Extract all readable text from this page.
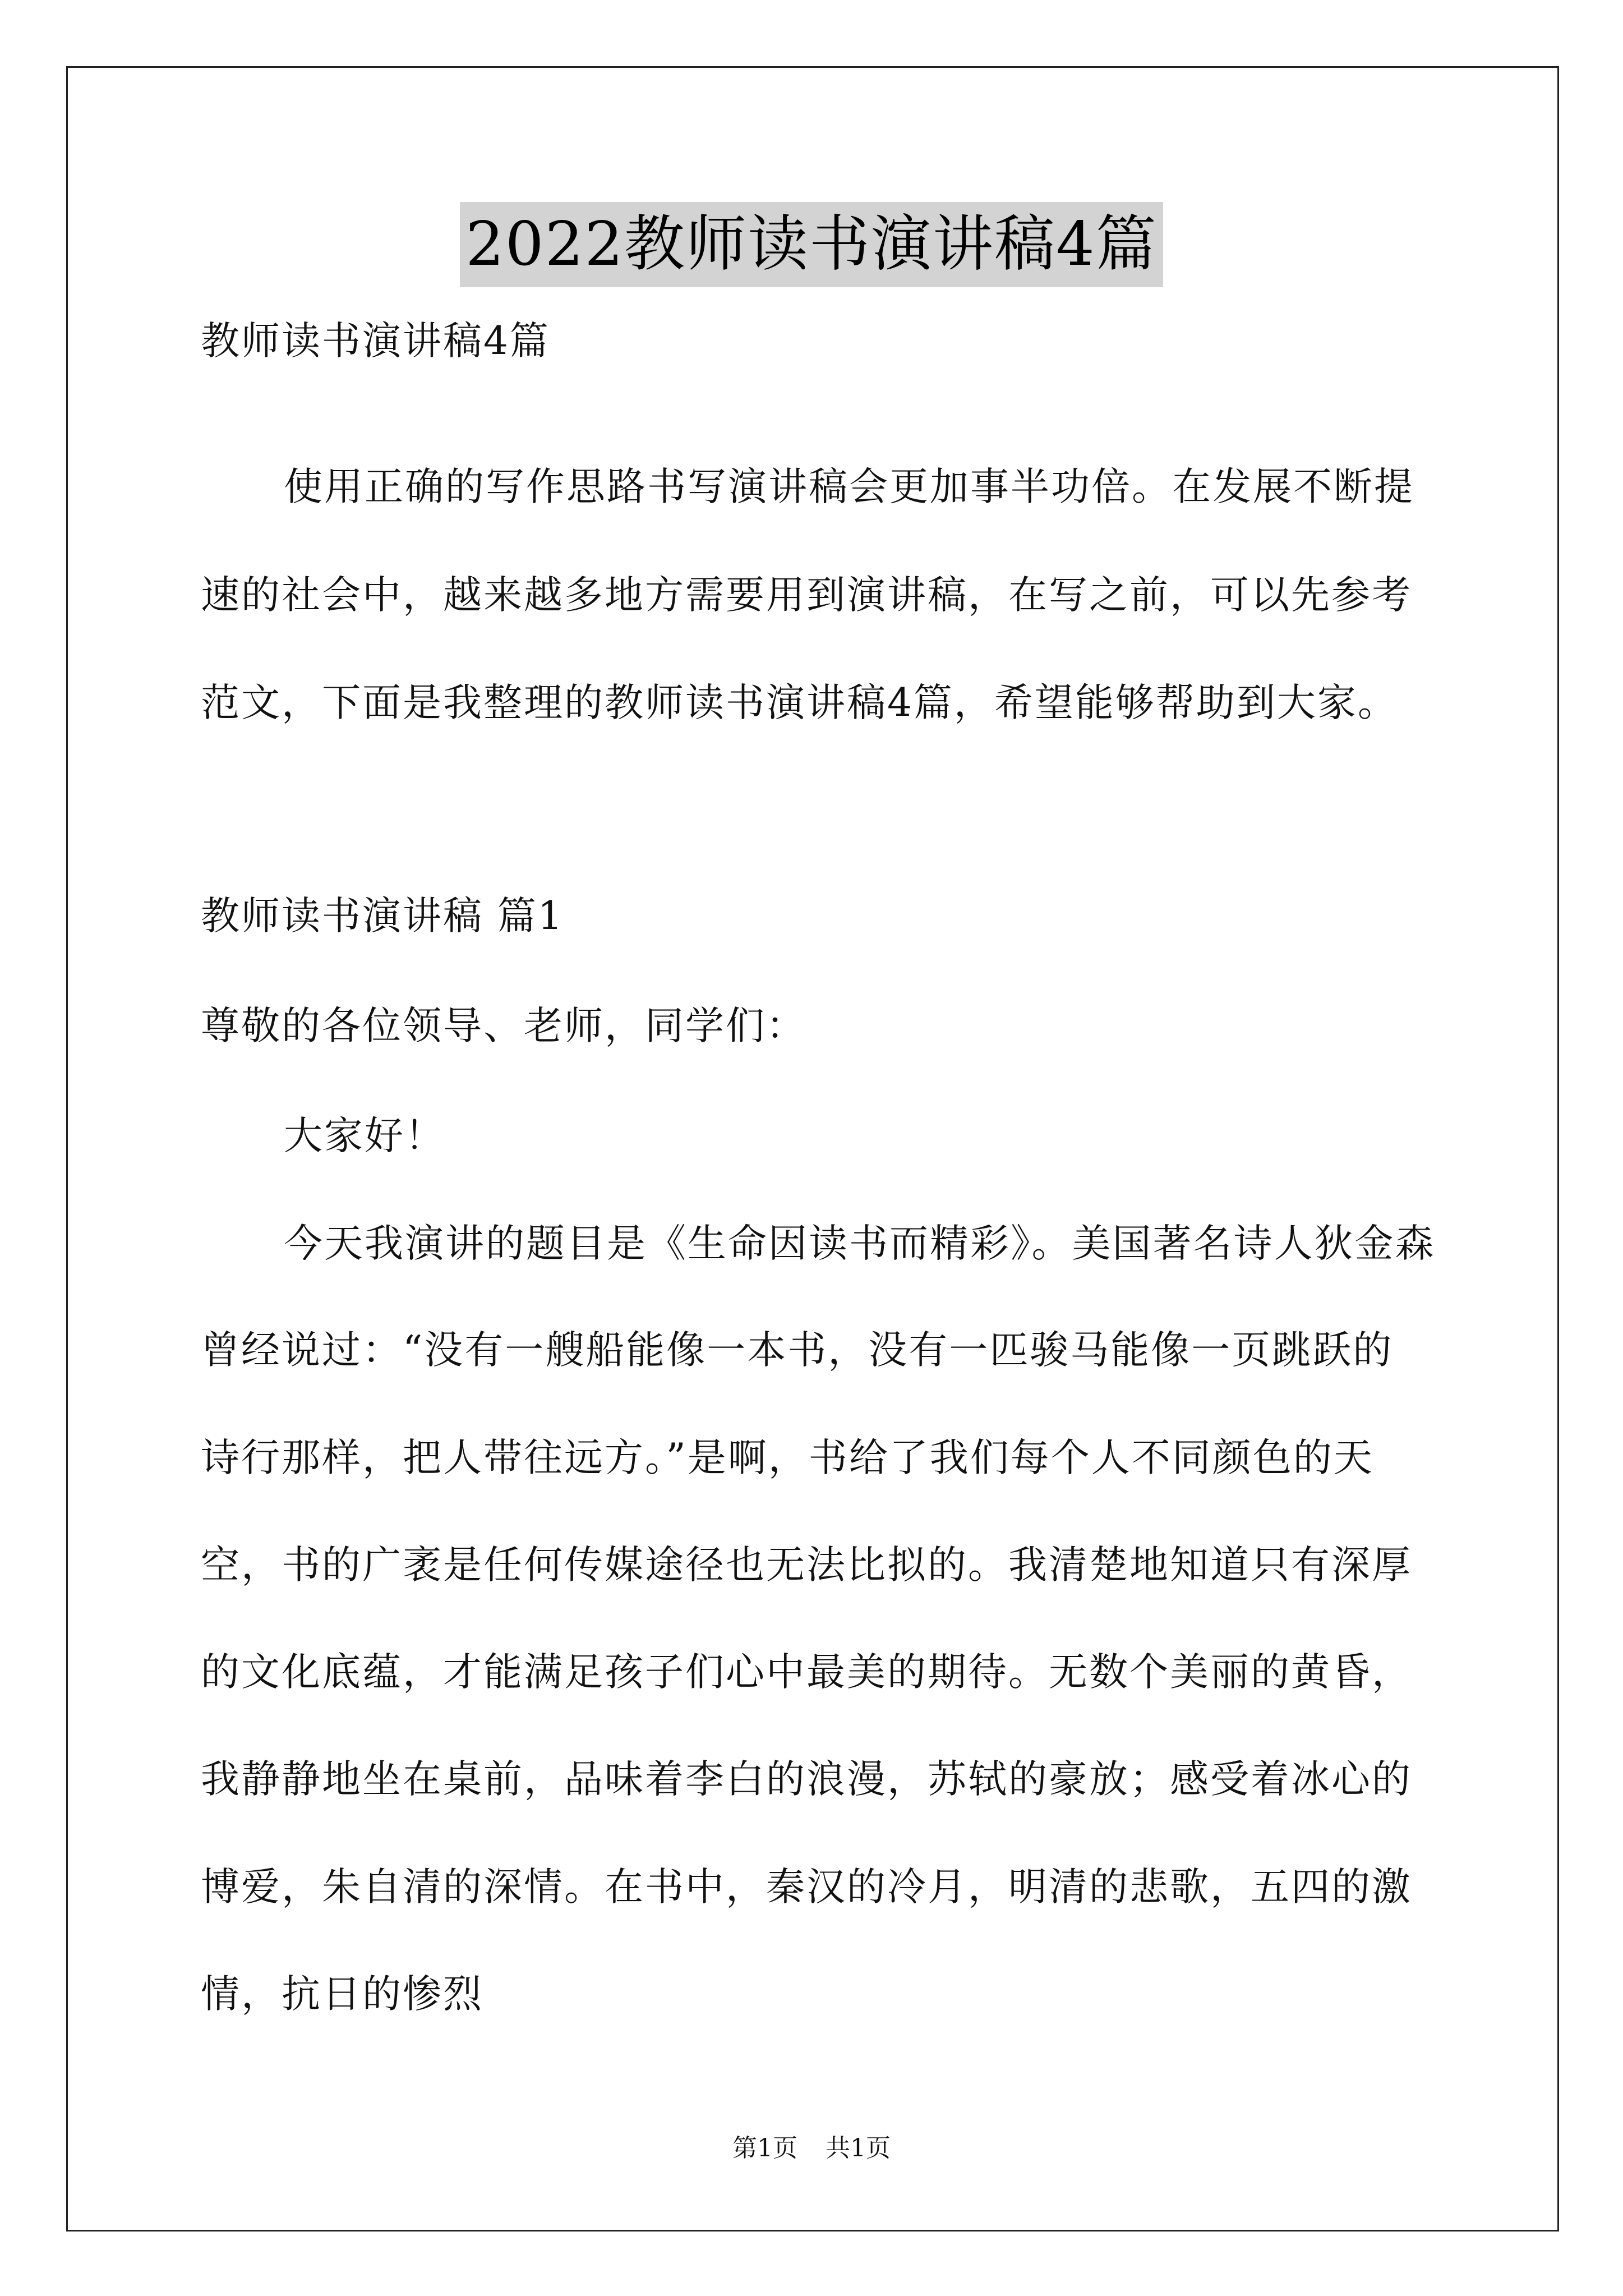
2022教师读书演讲稿4篇
教师读书演讲稿4篇
使用正确的写作思路书写演讲稿会更加事半功倍。在发展不断提
速的社会中，越来越多地方需要用到演讲稿，在写之前，可以先参考
范文，下面是我整理的教师读书演讲稿4篇，希望能够帮助到大家。
教师读书演讲稿 篇1
尊敬的各位领导、老师，同学们：
大家好！
今天我演讲的题目是《生命因读书而精彩》。美国著名诗人狄金森
曾经说过：“没有一艘船能像一本书，没有一匹骏马能像一页跳跃的
诗行那样，把人带往远方。”是啊，书给了我们每个人不同颜色的天
空，书的广袤是任何传媒途径也无法比拟的。我清楚地知道只有深厚
的文化底蕴，才能满足孩子们心中最美的期待。无数个美丽的黄昏，
我静静地坐在桌前，品味着李白的浪漫，苏轼的豪放；感受着冰心的
博爱，朱自清的深情。在书中，秦汉的冷月，明清的悲歌，五四的激
情，抗日的惨烈
第1页 共1页
